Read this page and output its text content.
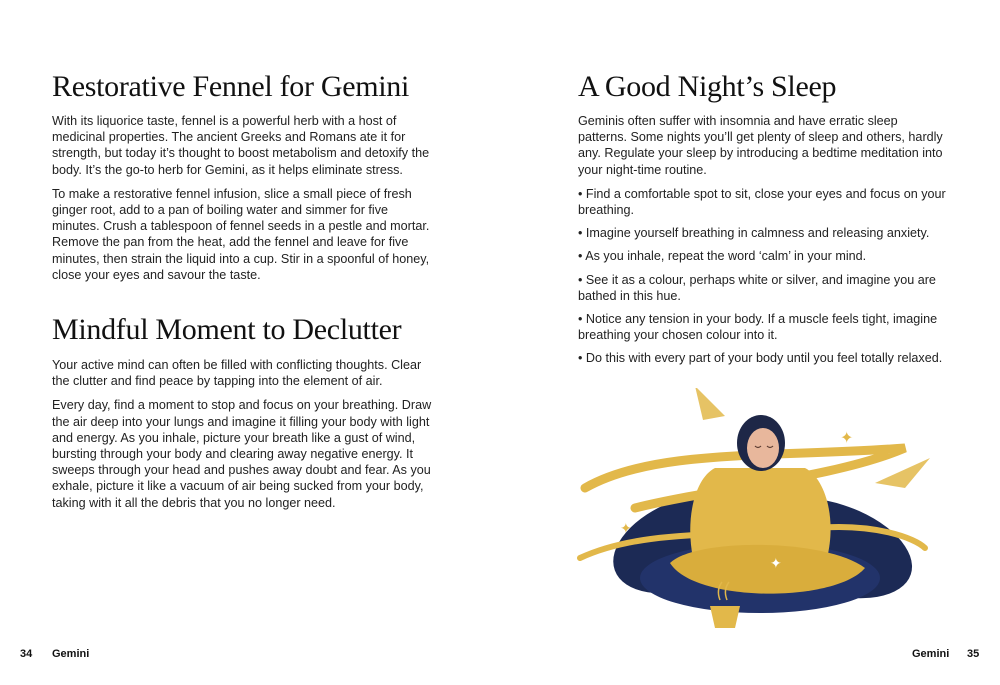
Restorative Fennel for Gemini

With its liquorice taste, fennel is a powerful herb with a host of medicinal properties. The ancient Greeks and Romans ate it for strength, but today it’s thought to boost metabolism and detoxify the body. It’s the go-to herb for Gemini, as it helps eliminate stress.

To make a restorative fennel infusion, slice a small piece of fresh ginger root, add to a pan of boiling water and simmer for five minutes. Crush a tablespoon of fennel seeds in a pestle and mortar. Remove the pan from the heat, add the fennel and leave for five minutes, then strain the liquid into a cup. Stir in a spoonful of honey, close your eyes and savour the taste.

Mindful Moment to Declutter

Your active mind can often be filled with conflicting thoughts. Clear the clutter and find peace by tapping into the element of air.

Every day, find a moment to stop and focus on your breathing. Draw the air deep into your lungs and imagine it filling your body with light and energy. As you inhale, picture your breath like a gust of wind, bursting through your body and clearing away negative energy. It sweeps through your head and pushes away doubt and fear. As you exhale, picture it like a vacuum of air being sucked from your body, taking with it all the debris that you no longer need.

34 Gemini
A Good Night’s Sleep

Geminis often suffer with insomnia and have erratic sleep patterns. Some nights you’ll get plenty of sleep and others, hardly any. Regulate your sleep by introducing a bedtime meditation into your night-time routine.

• Find a comfortable spot to sit, close your eyes and focus on your breathing.

• Imagine yourself breathing in calmness and releasing anxiety.

• As you inhale, repeat the word ‘calm’ in your mind.

• See it as a colour, perhaps white or silver, and imagine you are bathed in this hue.

• Notice any tension in your body. If a muscle feels tight, imagine breathing your chosen colour into it.

• Do this with every part of your body until you feel totally relaxed.

✦
✦
✦
Gemini 35
